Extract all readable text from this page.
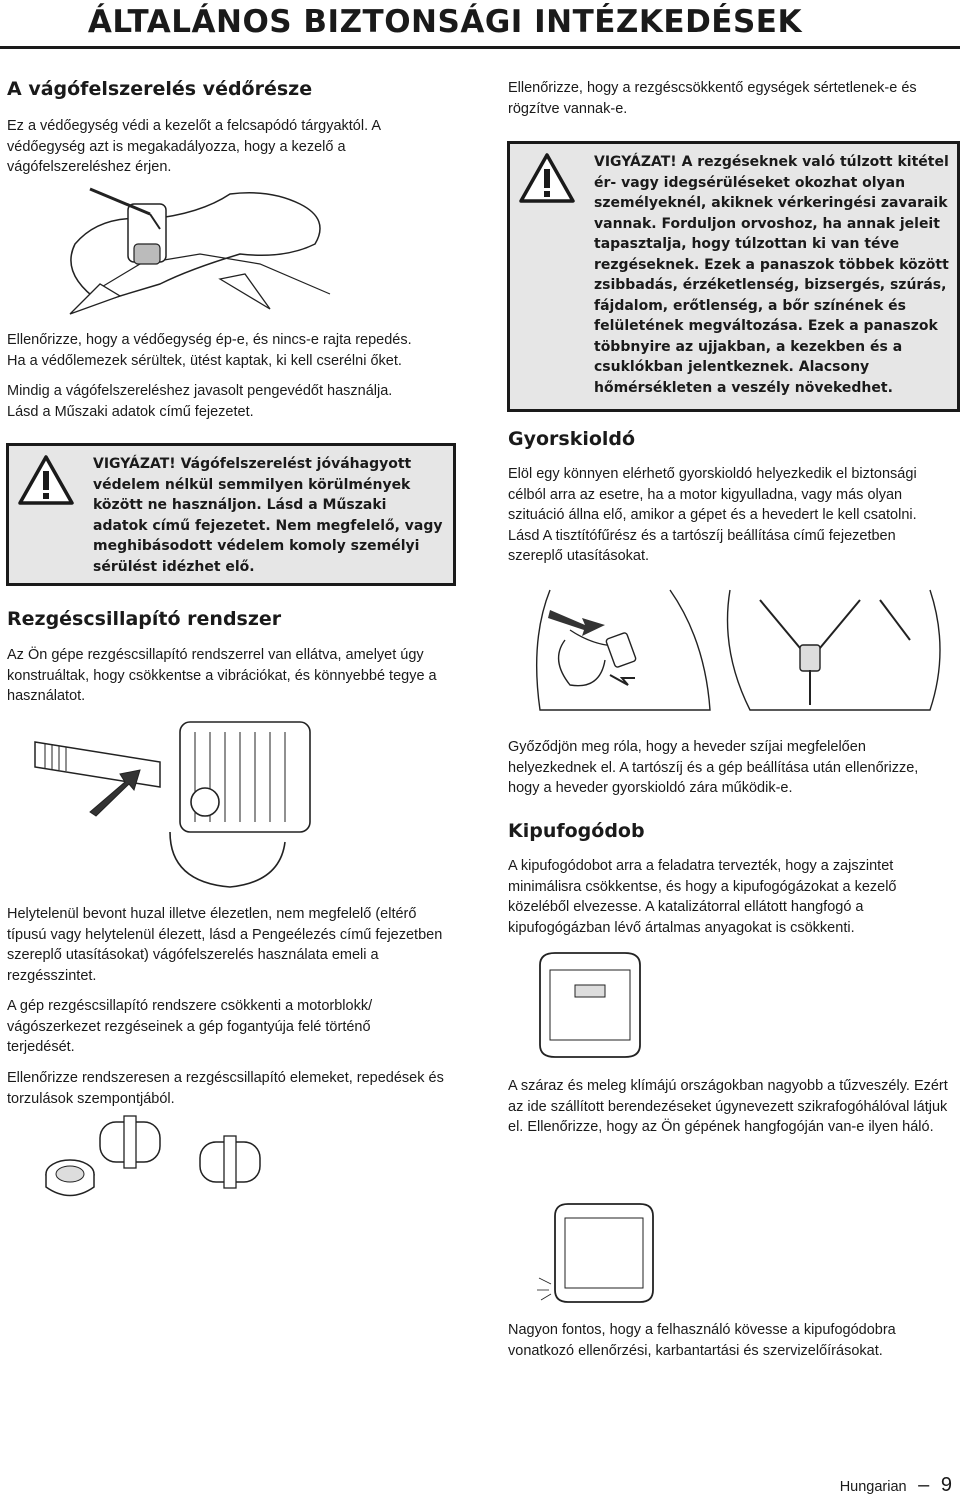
ÁLTALÁNOS BIZTONSÁGI INTÉZKEDÉSEK
A vágófelszerelés védőrésze

Ez a védőegység védi a kezelőt a felcsapódó tárgyaktól. A védőegység azt is megakadályozza, hogy a kezelő a vágófelszereléshez érjen.

Ellenőrizze, hogy a védőegység ép-e, és nincs-e rajta repedés. Ha a védőlemezek sérültek, ütést kaptak, ki kell cserélni őket.

Mindig a vágófelszereléshez javasolt pengevédőt használja. Lásd a Műszaki adatok című fejezetet.

VIGYÁZAT! Vágófelszerelést jóváhagyott védelem nélkül semmilyen körülmények között ne használjon. Lásd a Műszaki adatok című fejezetet. Nem megfelelő, vagy meghibásodott védelem komoly személyi sérülést idézhet elő.
Rezgéscsillapító rendszer

Az Ön gépe rezgéscsillapító rendszerrel van ellátva, amelyet úgy konstruáltak, hogy csökkentse a vibrációkat, és könnyebbé tegye a használatot.

Helytelenül bevont huzal illetve élezetlen, nem megfelelő (eltérő típusú vagy helytelenül élezett, lásd a Pengeélezés című fejezetben szereplő utasításokat) vágófelszerelés használata emeli a rezgésszintet.

A gép rezgéscsillapító rendszere csökkenti a motorblokk/ vágószerkezet rezgéseinek a gép fogantyúja felé történő terjedését.

Ellenőrizze rendszeresen a rezgéscsillapító elemeket, repedések és torzulások szempontjából.

Ellenőrizze, hogy a rezgéscsökkentő egységek sértetlenek-e és rögzítve vannak-e.

VIGYÁZAT! A rezgéseknek való túlzott kitétel ér- vagy idegsérüléseket okozhat olyan személyeknél, akiknek vérkeringési zavaraik vannak. Forduljon orvoshoz, ha annak jeleit tapasztalja, hogy túlzottan ki van téve rezgéseknek. Ezek a panaszok többek között zsibbadás, érzéketlenség, bizsergés, szúrás, fájdalom, erőtlenség, a bőr színének és felületének megváltozása. Ezek a panaszok többnyire az ujjakban, a kezekben és a csuklókban jelentkeznek. Alacsony hőmérsékleten a veszély növekedhet.
Gyorskioldó

Elöl egy könnyen elérhető gyorskioldó helyezkedik el biztonsági célból arra az esetre, ha a motor kigyulladna, vagy más olyan szituáció állna elő, amikor a gépet és a hevedert le kell csatolni. Lásd A tisztítófűrész és a tartószíj beállítása című fejezetben szereplő utasításokat.

Győződjön meg róla, hogy a heveder szíjai megfelelően helyezkednek el. A tartószíj és a gép beállítása után ellenőrizze, hogy a heveder gyorskioldó zára működik-e.

Kipufogódob

A kipufogódobot arra a feladatra tervezték, hogy a zajszintet minimálisra csökkentse, és hogy a kipufogógázokat a kezelő közeléből elvezesse. A katalizátorral ellátott hangfogó a kipufogógázban lévő ártalmas anyagokat is csökkenti.

A száraz és meleg klímájú országokban nagyobb a tűzveszély. Ezért az ide szállított berendezéseket úgynevezett szikrafogóhálóval látjuk el. Ellenőrizze, hogy az Ön gépének hangfogóján van-e ilyen háló.

Nagyon fontos, hogy a felhasználó kövesse a kipufogódobra vonatkozó ellenőrzési, karbantartási és szervizelőírásokat.

Hungarian – 9
